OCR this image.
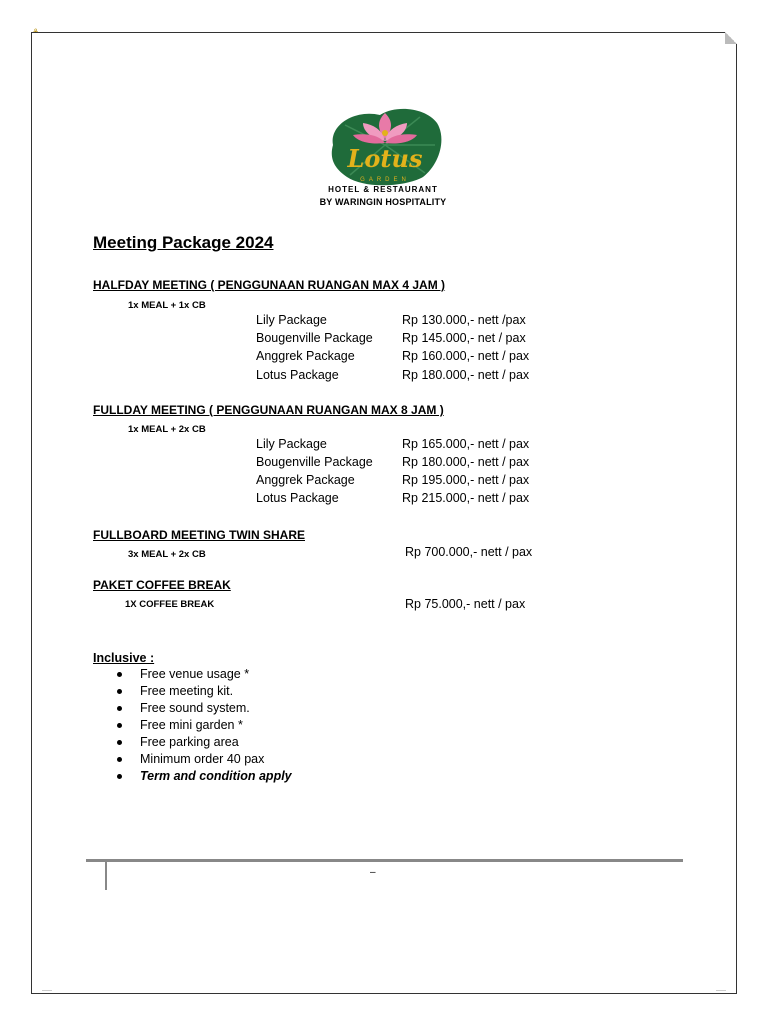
Lotus
GARDEN
HOTEL & RESTAURANT
BY WARINGIN HOSPITALITY
Meeting Package 2024
HALFDAY MEETING ( PENGGUNAAN RUANGAN MAX 4 JAM )
1x MEAL + 1x CB
Lily Package	Rp 130.000,- nett /pax
Bougenville Package Rp 145.000,- net / pax
Anggrek Package	Rp 160.000,- nett / pax
Lotus Package	Rp 180.000,- nett / pax
FULLDAY MEETING ( PENGGUNAAN RUANGAN MAX 8 JAM )
1x MEAL + 2x CB
Lily Package	Rp 165.000,- nett / pax
Bougenville Package Rp 180.000,- nett / pax
Anggrek Package	Rp 195.000,- nett / pax
Lotus Package	Rp 215.000,- nett / pax
FULLBOARD MEETING TWIN SHARE
3x MEAL + 2x CB	Rp 700.000,- nett / pax
PAKET COFFEE BREAK
1X COFFEE BREAK	Rp 75.000,- nett / pax
Inclusive :
Free venue usage *
Free meeting kit.
Free sound system.
Free mini garden *
Free parking area
Minimum order 40 pax
Term and condition apply
–
